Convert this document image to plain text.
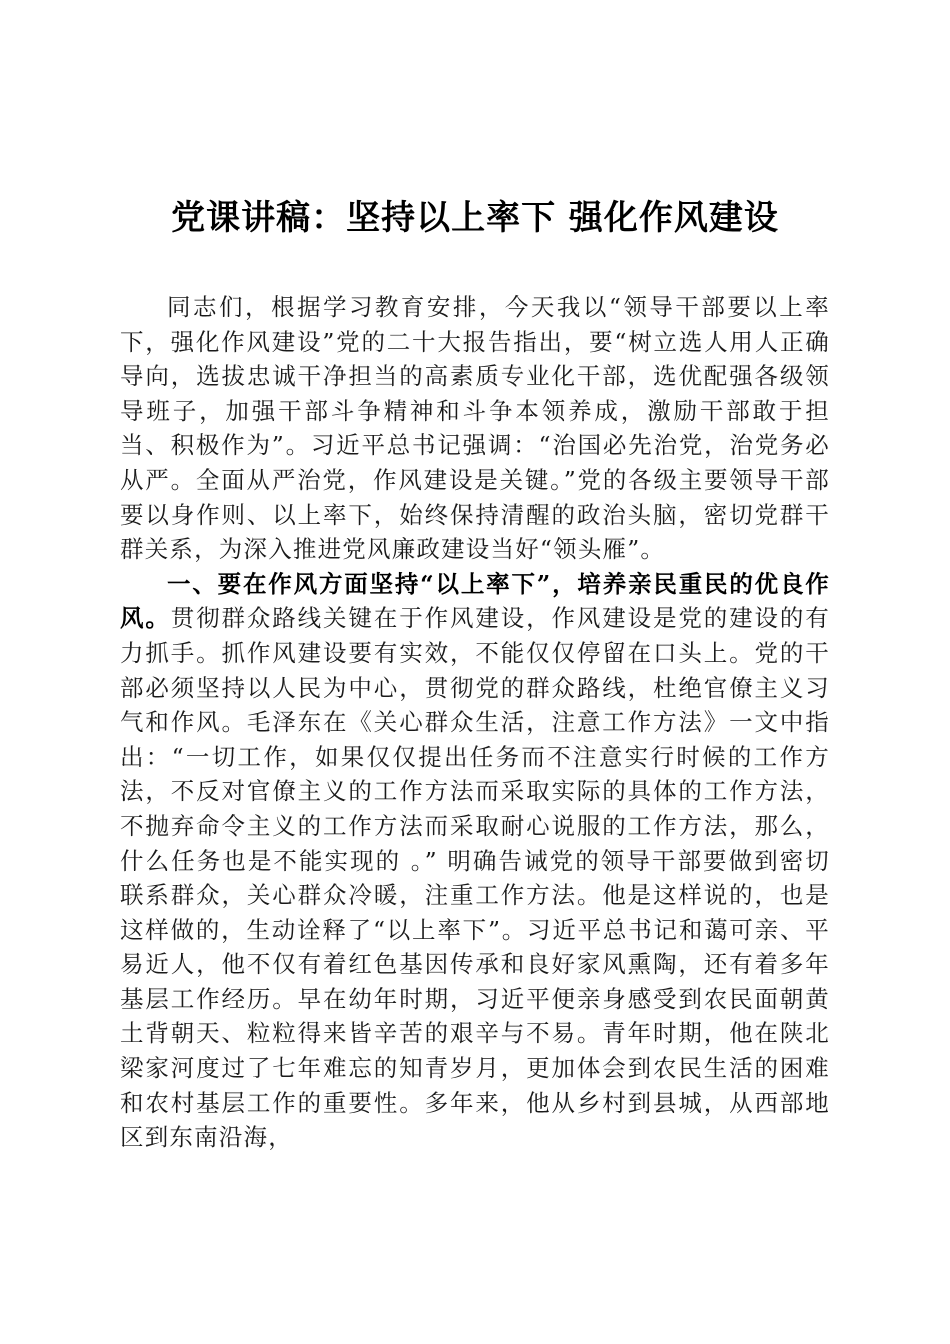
党课讲稿：坚持以上率下 强化作风建设

同志们，根据学习教育安排，今天我以“领导干部要以上率下，强化作风建设”党的二十大报告指出，要“树立选人用人正确导向，选拔忠诚干净担当的高素质专业化干部，选优配强各级领导班子，加强干部斗争精神和斗争本领养成，激励干部敢于担当、积极作为”。习近平总书记强调：“治国必先治党，治党务必从严。全面从严治党，作风建设是关键。”党的各级主要领导干部要以身作则、以上率下，始终保持清醒的政治头脑，密切党群干群关系，为深入推进党风廉政建设当好“领头雁”。

一、要在作风方面坚持“以上率下”，培养亲民重民的优良作风。贯彻群众路线关键在于作风建设，作风建设是党的建设的有力抓手。抓作风建设要有实效，不能仅仅停留在口头上。党的干部必须坚持以人民为中心，贯彻党的群众路线，杜绝官僚主义习气和作风。毛泽东在《关心群众生活，注意工作方法》一文中指出：“一切工作，如果仅仅提出任务而不注意实行时候的工作方法，不反对官僚主义的工作方法而采取实际的具体的工作方法，不抛弃命令主义的工作方法而采取耐心说服的工作方法，那么，什么任务也是不能实现的 。” 明确告诫党的领导干部要做到密切联系群众，关心群众冷暖，注重工作方法。他是这样说的，也是这样做的，生动诠释了“以上率下”。习近平总书记和蔼可亲、平易近人，他不仅有着红色基因传承和良好家风熏陶，还有着多年基层工作经历。早在幼年时期，习近平便亲身感受到农民面朝黄土背朝天、粒粒得来皆辛苦的艰辛与不易。青年时期，他在陕北梁家河度过了七年难忘的知青岁月，更加体会到农民生活的困难和农村基层工作的重要性。多年来，他从乡村到县城，从西部地区到东南沿海，
